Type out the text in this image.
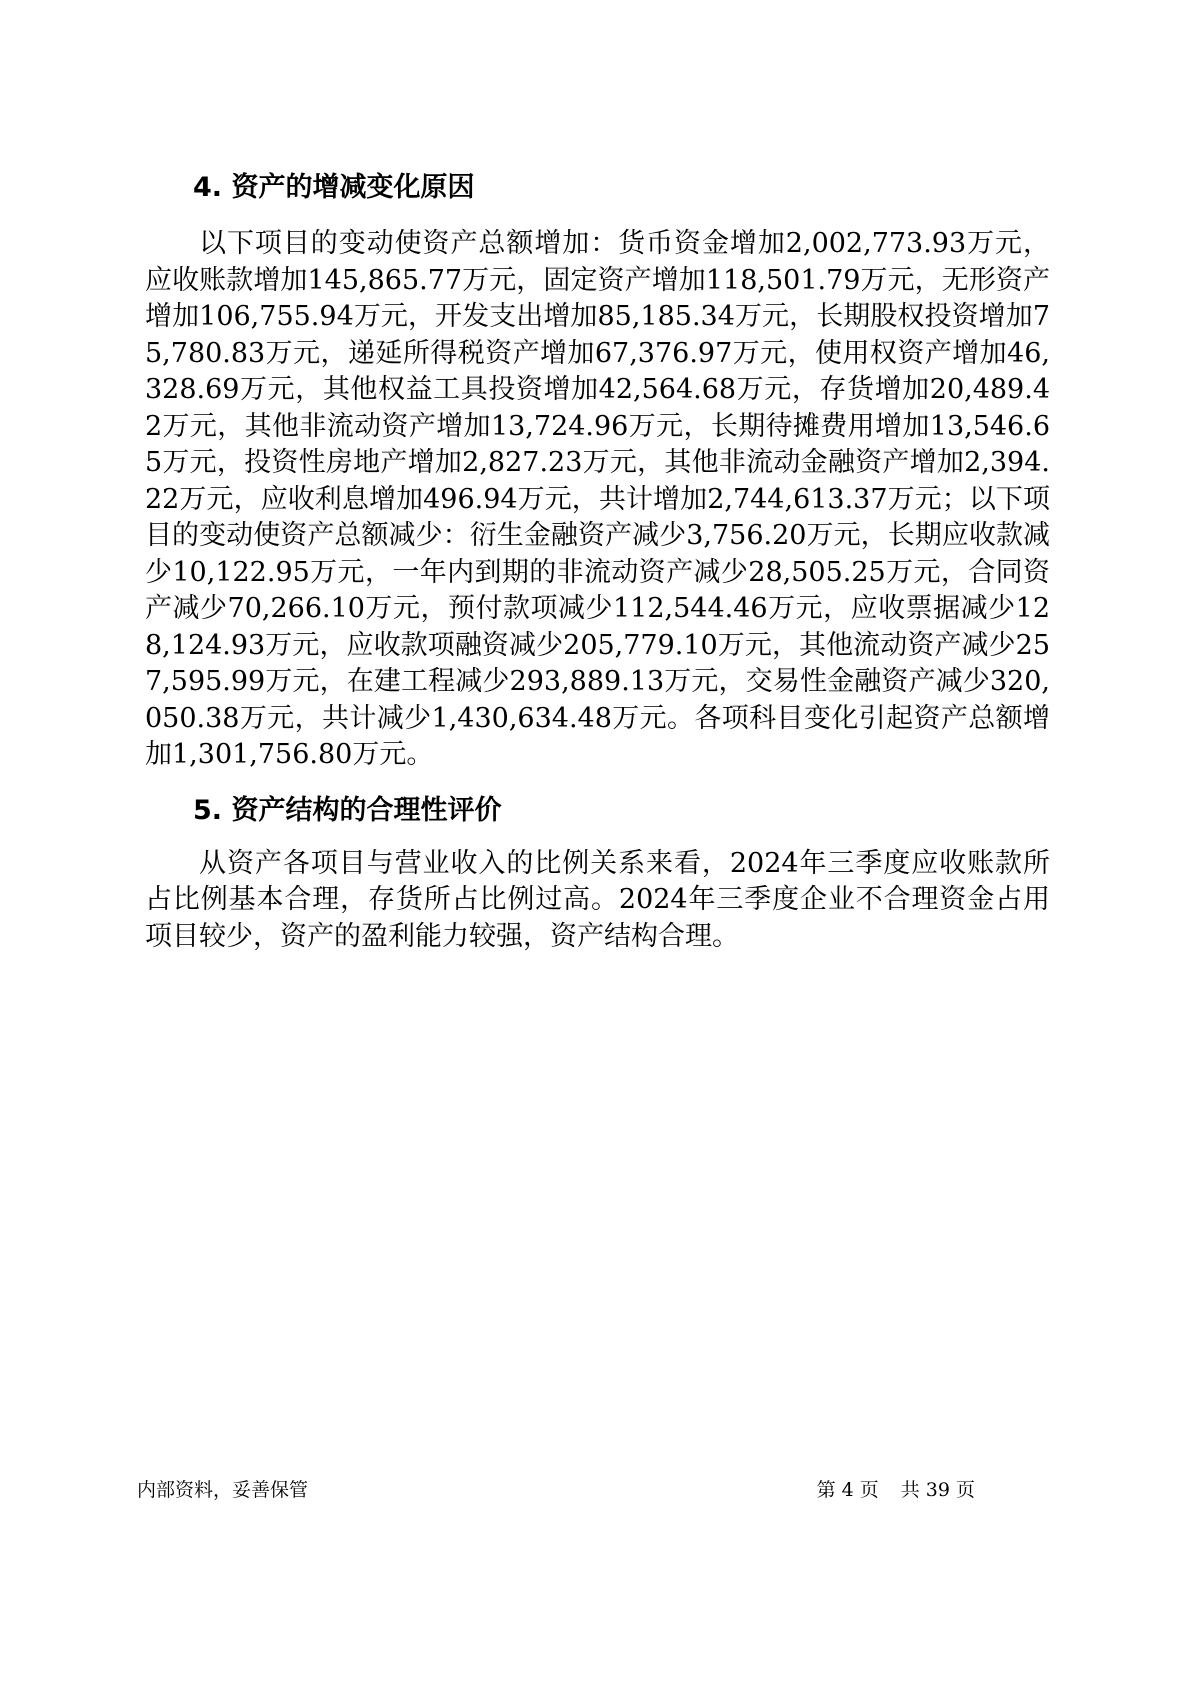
4. 资产的增减变化原因

以下项目的变动使资产总额增加：货币资金增加2,002,773.93万元，应收账款增加145,865.77万元，固定资产增加118,501.79万元，无形资产增加106,755.94万元，开发支出增加85,185.34万元，长期股权投资增加75,780.83万元，递延所得税资产增加67,376.97万元，使用权资产增加46,328.69万元，其他权益工具投资增加42,564.68万元，存货增加20,489.42万元，其他非流动资产增加13,724.96万元，长期待摊费用增加13,546.65万元，投资性房地产增加2,827.23万元，其他非流动金融资产增加2,394.22万元，应收利息增加496.94万元，共计增加2,744,613.37万元；以下项目的变动使资产总额减少：衍生金融资产减少3,756.20万元，长期应收款减少10,122.95万元，一年内到期的非流动资产减少28,505.25万元，合同资产减少70,266.10万元，预付款项减少112,544.46万元，应收票据减少128,124.93万元，应收款项融资减少205,779.10万元，其他流动资产减少257,595.99万元，在建工程减少293,889.13万元，交易性金融资产减少320,050.38万元，共计减少1,430,634.48万元。各项科目变化引起资产总额增加1,301,756.80万元。

5. 资产结构的合理性评价

从资产各项目与营业收入的比例关系来看，2024年三季度应收账款所占比例基本合理，存货所占比例过高。2024年三季度企业不合理资金占用项目较少，资产的盈利能力较强，资产结构合理。

内部资料，妥善保管	第 4 页 共 39 页
